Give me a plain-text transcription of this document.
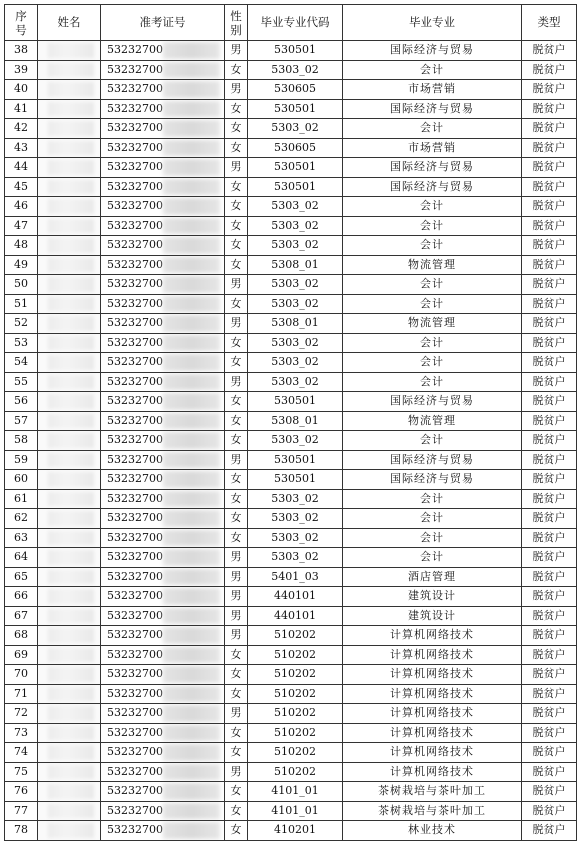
序号	姓名	准考证号	性别	毕业专业代码	毕业专业	类型
38		53232700	男	530501	国际经济与贸易	脱贫户
39		53232700	女	5303_02	会计	脱贫户
40		53232700	男	530605	市场营销	脱贫户
41		53232700	女	530501	国际经济与贸易	脱贫户
42		53232700	女	5303_02	会计	脱贫户
43		53232700	女	530605	市场营销	脱贫户
44		53232700	男	530501	国际经济与贸易	脱贫户
45		53232700	女	530501	国际经济与贸易	脱贫户
46		53232700	女	5303_02	会计	脱贫户
47		53232700	女	5303_02	会计	脱贫户
48		53232700	女	5303_02	会计	脱贫户
49		53232700	女	5308_01	物流管理	脱贫户
50		53232700	男	5303_02	会计	脱贫户
51		53232700	女	5303_02	会计	脱贫户
52		53232700	男	5308_01	物流管理	脱贫户
53		53232700	女	5303_02	会计	脱贫户
54		53232700	女	5303_02	会计	脱贫户
55		53232700	男	5303_02	会计	脱贫户
56		53232700	女	530501	国际经济与贸易	脱贫户
57		53232700	女	5308_01	物流管理	脱贫户
58		53232700	女	5303_02	会计	脱贫户
59		53232700	男	530501	国际经济与贸易	脱贫户
60		53232700	女	530501	国际经济与贸易	脱贫户
61		53232700	女	5303_02	会计	脱贫户
62		53232700	女	5303_02	会计	脱贫户
63		53232700	女	5303_02	会计	脱贫户
64		53232700	男	5303_02	会计	脱贫户
65		53232700	男	5401_03	酒店管理	脱贫户
66		53232700	男	440101	建筑设计	脱贫户
67		53232700	男	440101	建筑设计	脱贫户
68		53232700	男	510202	计算机网络技术	脱贫户
69		53232700	女	510202	计算机网络技术	脱贫户
70		53232700	女	510202	计算机网络技术	脱贫户
71		53232700	女	510202	计算机网络技术	脱贫户
72		53232700	男	510202	计算机网络技术	脱贫户
73		53232700	女	510202	计算机网络技术	脱贫户
74		53232700	女	510202	计算机网络技术	脱贫户
75		53232700	男	510202	计算机网络技术	脱贫户
76		53232700	女	4101_01	茶树栽培与茶叶加工	脱贫户
77		53232700	女	4101_01	茶树栽培与茶叶加工	脱贫户
78		53232700	女	410201	林业技术	脱贫户
